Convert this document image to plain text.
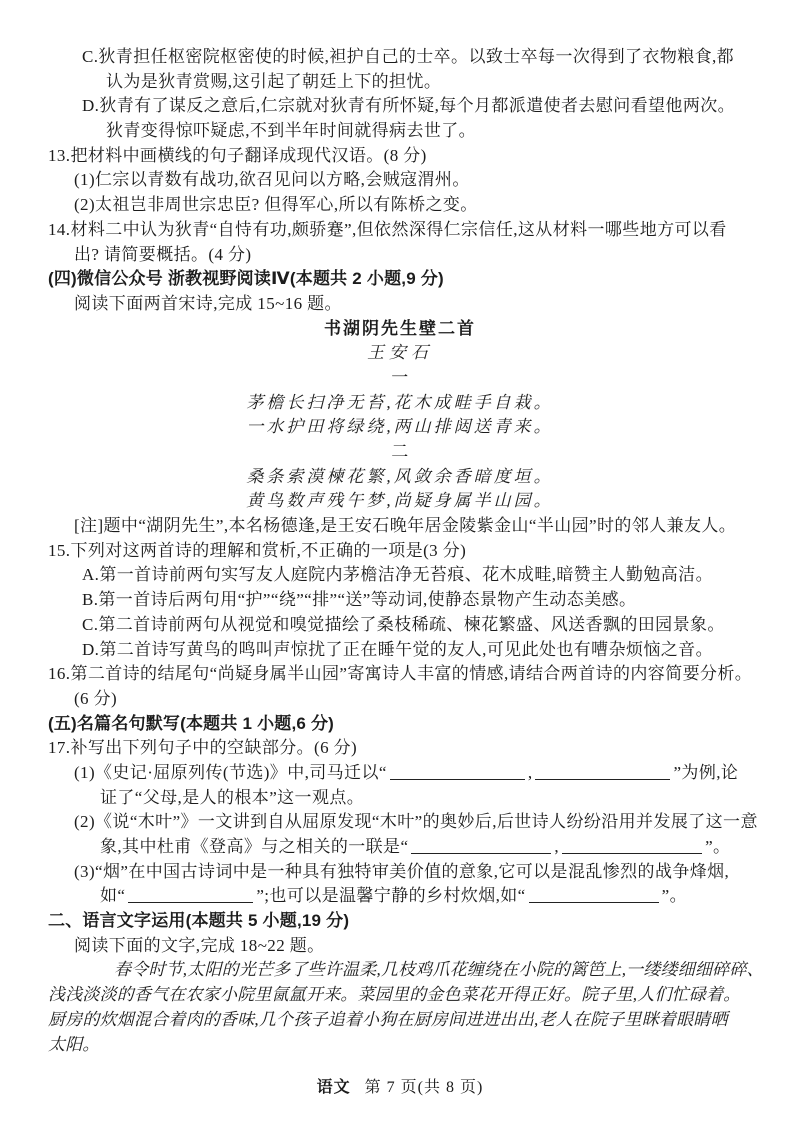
C.狄青担任枢密院枢密使的时候,袒护自己的士卒。以致士卒每一次得到了衣物粮食,都
认为是狄青赏赐,这引起了朝廷上下的担忧。
D.狄青有了谋反之意后,仁宗就对狄青有所怀疑,每个月都派遣使者去慰问看望他两次。
狄青变得惊吓疑虑,不到半年时间就得病去世了。
13.把材料中画横线的句子翻译成现代汉语。(8 分)
(1)仁宗以青数有战功,欲召见问以方略,会贼寇渭州。
(2)太祖岂非周世宗忠臣? 但得军心,所以有陈桥之变。
14.材料二中认为狄青“自恃有功,颇骄蹇”,但依然深得仁宗信任,这从材料一哪些地方可以看
出? 请简要概括。(4 分)
(四)微信公众号 浙教视野阅读Ⅳ(本题共 2 小题,9 分)
阅读下面两首宋诗,完成 15~16 题。
书湖阴先生壁二首
王安石
一
茅檐长扫净无苔,花木成畦手自栽。
一水护田将绿绕,两山排闼送青来。
二
桑条索漠楝花繁,风敛余香暗度垣。
黄鸟数声残午梦,尚疑身属半山园。
[注]题中“湖阴先生”,本名杨德逢,是王安石晚年居金陵紫金山“半山园”时的邻人兼友人。
15.下列对这两首诗的理解和赏析,不正确的一项是(3 分)
A.第一首诗前两句实写友人庭院内茅檐洁净无苔痕、花木成畦,暗赞主人勤勉高洁。
B.第一首诗后两句用“护”“绕”“排”“送”等动词,使静态景物产生动态美感。
C.第二首诗前两句从视觉和嗅觉描绘了桑枝稀疏、楝花繁盛、风送香飘的田园景象。
D.第二首诗写黄鸟的鸣叫声惊扰了正在睡午觉的友人,可见此处也有嘈杂烦恼之音。
16.第二首诗的结尾句“尚疑身属半山园”寄寓诗人丰富的情感,请结合两首诗的内容简要分析。
(6 分)
(五)名篇名句默写(本题共 1 小题,6 分)
17.补写出下列句子中的空缺部分。(6 分)
(1)《史记·屈原列传(节选)》中,司马迁以“	,	”为例,论
证了“父母,是人的根本”这一观点。
(2)《说“木叶”》一文讲到自从屈原发现“木叶”的奥妙后,后世诗人纷纷沿用并发展了这一意
象,其中杜甫《登高》与之相关的一联是“	,	”。
(3)“烟”在中国古诗词中是一种具有独特审美价值的意象,它可以是混乱惨烈的战争烽烟,
如“	”;也可以是温馨宁静的乡村炊烟,如“	”。
二、语言文字运用(本题共 5 小题,19 分)
阅读下面的文字,完成 18~22 题。
春令时节,太阳的光芒多了些许温柔,几枝鸡爪花缠绕在小院的篱笆上,一缕缕细细碎碎、
浅浅淡淡的香气在农家小院里氤氲开来。菜园里的金色菜花开得正好。院子里,人们忙碌着。
厨房的炊烟混合着肉的香味,几个孩子追着小狗在厨房间进进出出,老人在院子里眯着眼睛晒
太阳。
语文 第 7 页(共 8 页)
